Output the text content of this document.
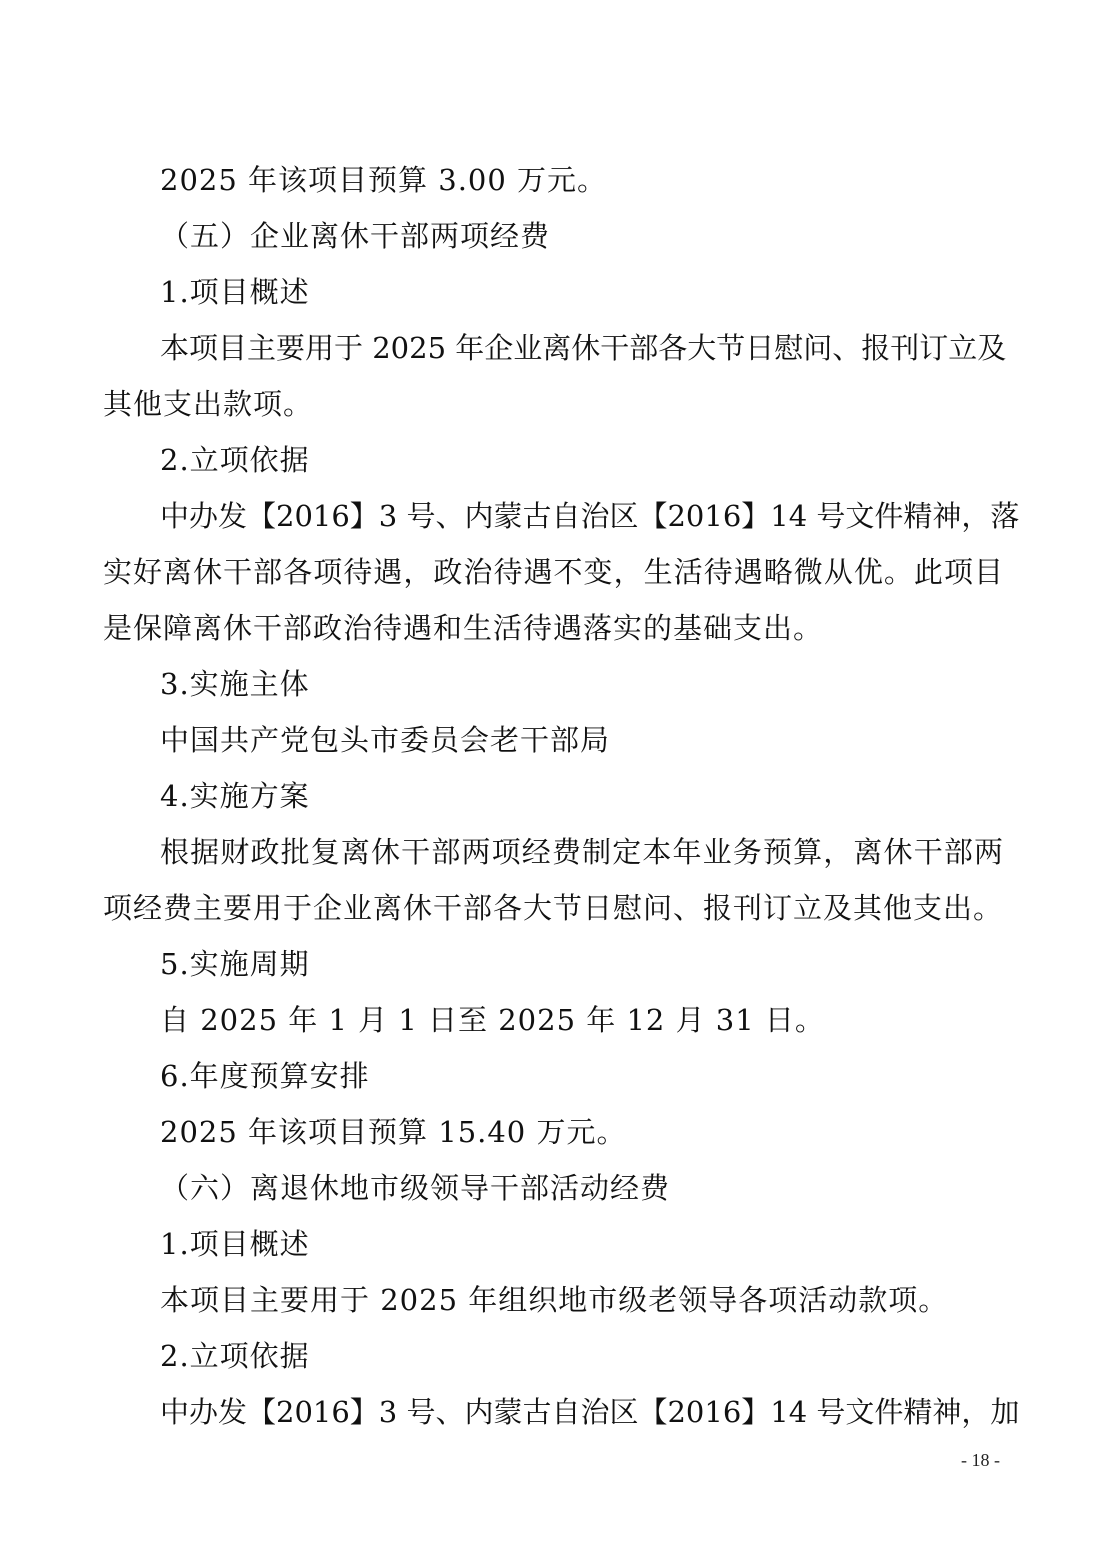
2025 年该项目预算 3.00 万元。
（五）企业离休干部两项经费
1.项目概述
本项目主要用于 2025 年企业离休干部各大节日慰问、报刊订立及
其他支出款项。
2.立项依据
中办发【2016】3 号、内蒙古自治区【2016】14 号文件精神，落
实好离休干部各项待遇，政治待遇不变，生活待遇略微从优。此项目
是保障离休干部政治待遇和生活待遇落实的基础支出。
3.实施主体
中国共产党包头市委员会老干部局
4.实施方案
根据财政批复离休干部两项经费制定本年业务预算，离休干部两
项经费主要用于企业离休干部各大节日慰问、报刊订立及其他支出。
5.实施周期
自 2025 年 1 月 1 日至 2025 年 12 月 31 日。
6.年度预算安排
2025 年该项目预算 15.40 万元。
（六）离退休地市级领导干部活动经费
1.项目概述
本项目主要用于 2025 年组织地市级老领导各项活动款项。
2.立项依据
中办发【2016】3 号、内蒙古自治区【2016】14 号文件精神，加
- 18 -
